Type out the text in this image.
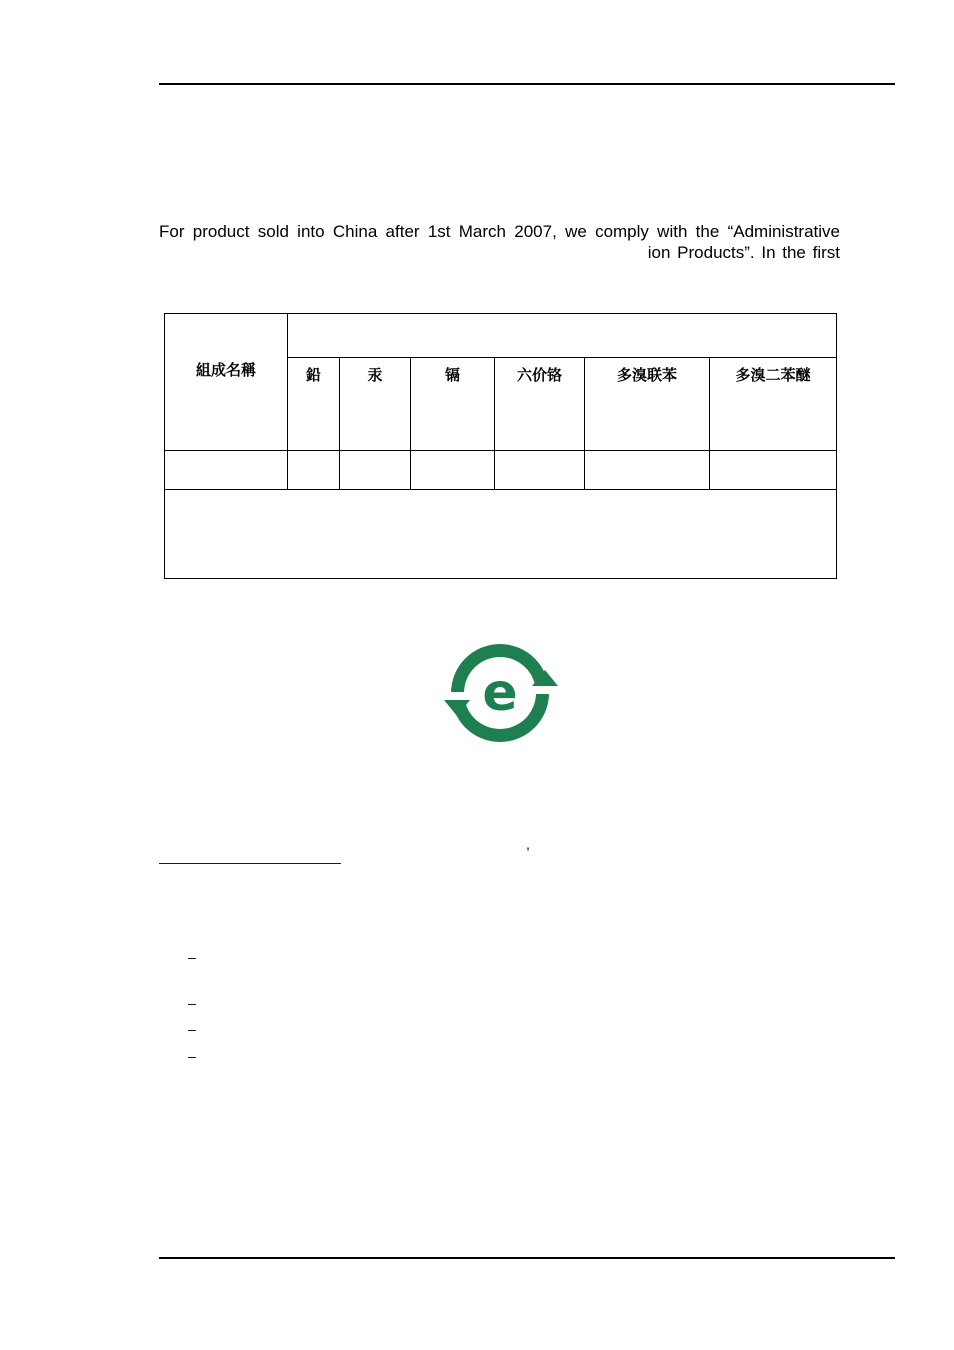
For product sold into China after 1st March 2007, we comply with the “Administrative
ion Products”. In the first
組成名稱						
	鉛	汞	镉	六价铬	多溴联苯	多溴二苯醚

e
,
–
–
–
–
